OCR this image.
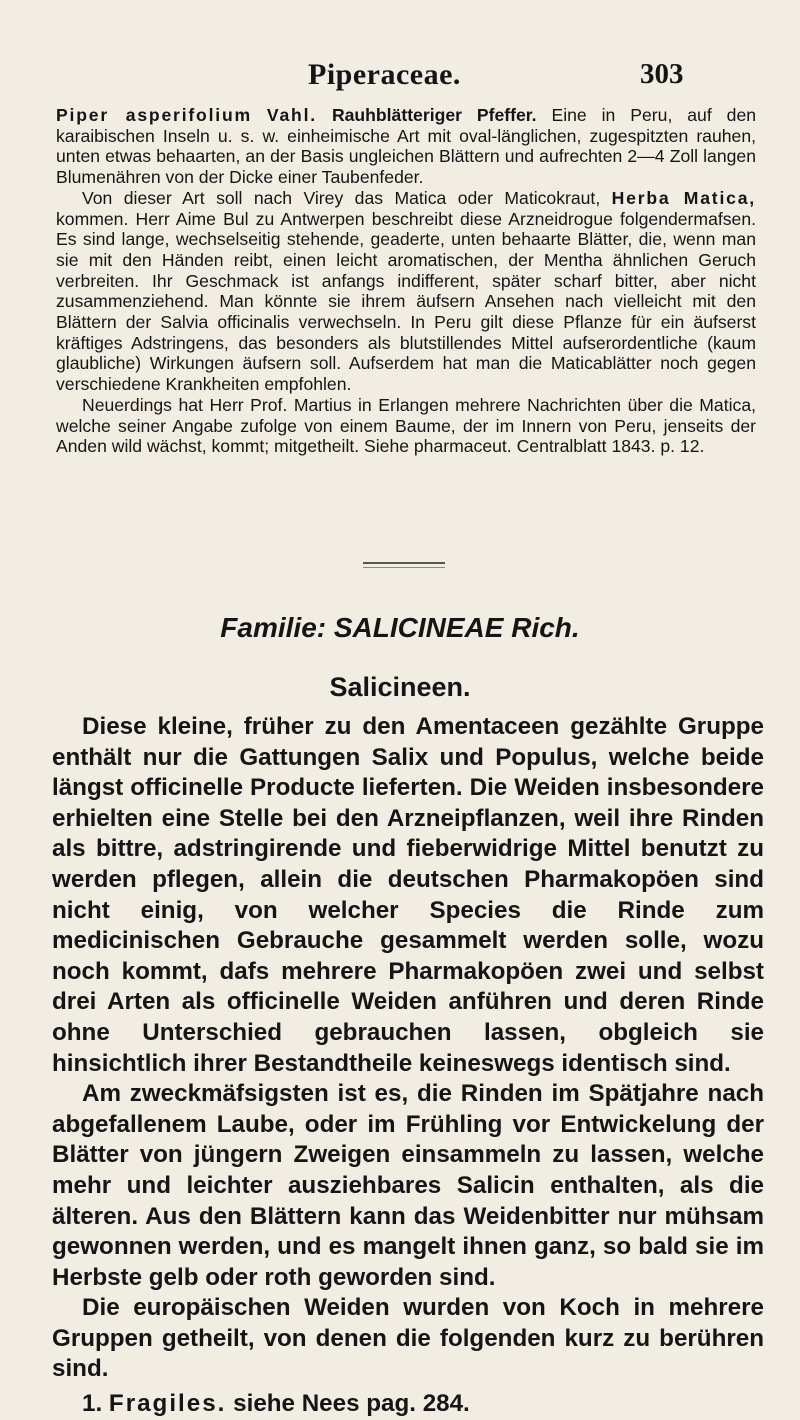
Piperaceae.	303

Piper asperifolium Vahl. Rauhblätteriger Pfeffer. Eine in Peru, auf den karaibischen Inseln u. s. w. einheimische Art mit oval-länglichen, zugespitzten rauhen, unten etwas behaarten, an der Basis ungleichen Blättern und aufrechten 2—4 Zoll langen Blumenähren von der Dicke einer Taubenfeder.

Von dieser Art soll nach Virey das Matica oder Maticokraut, Herba Matica, kommen. Herr Aime Bul zu Antwerpen beschreibt diese Arzneidrogue folgendermafsen. Es sind lange, wechselseitig stehende, geaderte, unten behaarte Blätter, die, wenn man sie mit den Händen reibt, einen leicht aromatischen, der Mentha ähnlichen Geruch verbreiten. Ihr Geschmack ist anfangs indifferent, später scharf bitter, aber nicht zusammenziehend. Man könnte sie ihrem äufsern Ansehen nach vielleicht mit den Blättern der Salvia officinalis verwechseln. In Peru gilt diese Pflanze für ein äufserst kräftiges Adstringens, das besonders als blutstillendes Mittel aufserordentliche (kaum glaubliche) Wirkungen äufsern soll. Aufserdem hat man die Maticablätter noch gegen verschiedene Krankheiten empfohlen.

Neuerdings hat Herr Prof. Martius in Erlangen mehrere Nachrichten über die Matica, welche seiner Angabe zufolge von einem Baume, der im Innern von Peru, jenseits der Anden wild wächst, kommt; mitgetheilt. Siehe pharmaceut. Centralblatt 1843. p. 12.

Familie: SALICINEAE Rich.
Salicineen.

Diese kleine, früher zu den Amentaceen gezählte Gruppe enthält nur die Gattungen Salix und Populus, welche beide längst officinelle Producte lieferten. Die Weiden insbesondere erhielten eine Stelle bei den Arzneipflanzen, weil ihre Rinden als bittre, adstringirende und fieberwidrige Mittel benutzt zu werden pflegen, allein die deutschen Pharmakopöen sind nicht einig, von welcher Species die Rinde zum medicinischen Gebrauche gesammelt werden solle, wozu noch kommt, dafs mehrere Pharmakopöen zwei und selbst drei Arten als officinelle Weiden anführen und deren Rinde ohne Unterschied gebrauchen lassen, obgleich sie hinsichtlich ihrer Bestandtheile keineswegs identisch sind.

Am zweckmäfsigsten ist es, die Rinden im Spätjahre nach abgefallenem Laube, oder im Frühling vor Entwickelung der Blätter von jüngern Zweigen einsammeln zu lassen, welche mehr und leichter ausziehbares Salicin enthalten, als die älteren. Aus den Blättern kann das Weidenbitter nur mühsam gewonnen werden, und es mangelt ihnen ganz, so bald sie im Herbste gelb oder roth geworden sind.

Die europäischen Weiden wurden von Koch in mehrere Gruppen getheilt, von denen die folgenden kurz zu berühren sind.

1. Fragiles. siehe Nees pag. 284.
